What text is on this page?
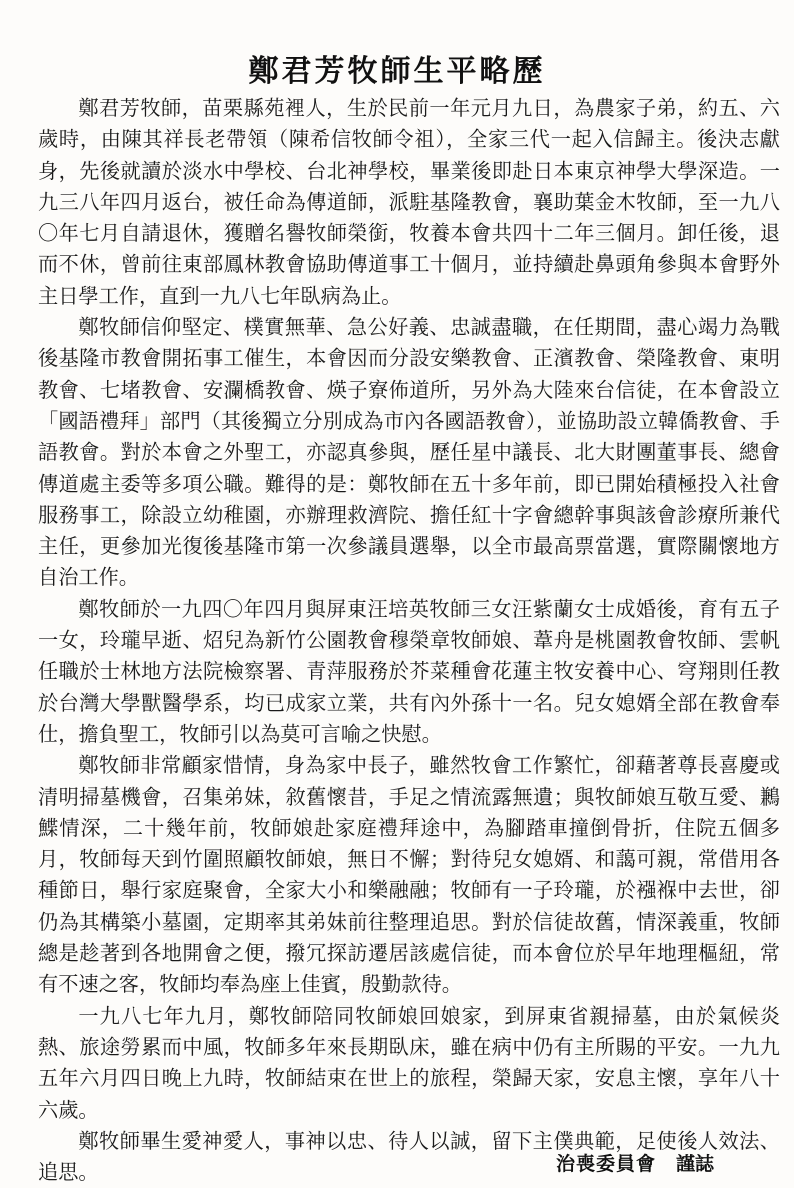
鄭君芳牧師生平略歷

鄭君芳牧師，苗栗縣苑裡人，生於民前一年元月九日，為農家子弟，約五、六歲時，由陳其祥長老帶領（陳希信牧師令祖），全家三代一起入信歸主。後決志獻身，先後就讀於淡水中學校、台北神學校，畢業後即赴日本東京神學大學深造。一九三八年四月返台，被任命為傳道師，派駐基隆教會，襄助葉金木牧師，至一九八〇年七月自請退休，獲贈名譽牧師榮銜，牧養本會共四十二年三個月。卸任後，退而不休，曾前往東部鳳林教會協助傳道事工十個月，並持續赴鼻頭角參與本會野外主日學工作，直到一九八七年臥病為止。

鄭牧師信仰堅定、樸實無華、急公好義、忠誠盡職，在任期間，盡心竭力為戰後基隆市教會開拓事工催生，本會因而分設安樂教會、正濱教會、榮隆教會、東明教會、七堵教會、安瀾橋教會、煐子寮佈道所，另外為大陸來台信徒，在本會設立「國語禮拜」部門（其後獨立分別成為市內各國語教會），並協助設立韓僑教會、手語教會。對於本會之外聖工，亦認真參與，歷任星中議長、北大財團董事長、總會傳道處主委等多項公職。難得的是：鄭牧師在五十多年前，即已開始積極投入社會服務事工，除設立幼稚園，亦辦理救濟院、擔任紅十字會總幹事與該會診療所兼代主任，更參加光復後基隆市第一次參議員選舉，以全市最高票當選，實際關懷地方自治工作。

鄭牧師於一九四〇年四月與屏東汪培英牧師三女汪紫蘭女士成婚後，育有五子一女，玲瓏早逝、炤兒為新竹公園教會穆榮章牧師娘、葦舟是桃園教會牧師、雲帆任職於士林地方法院檢察署、青萍服務於芥菜種會花蓮主牧安養中心、穹翔則任教於台灣大學獸醫學系，均已成家立業，共有內外孫十一名。兒女媳婿全部在教會奉仕，擔負聖工，牧師引以為莫可言喻之快慰。

鄭牧師非常顧家惜情，身為家中長子，雖然牧會工作繁忙，卻藉著尊長喜慶或清明掃墓機會，召集弟妹，敘舊懷昔，手足之情流露無遺；與牧師娘互敬互愛、鶼鰈情深，二十幾年前，牧師娘赴家庭禮拜途中，為腳踏車撞倒骨折，住院五個多月，牧師每天到竹圍照顧牧師娘，無日不懈；對待兒女媳婿、和藹可親，常借用各種節日，舉行家庭聚會，全家大小和樂融融；牧師有一子玲瓏，於襁褓中去世，卻仍為其構築小墓園，定期率其弟妹前往整理追思。對於信徒故舊，情深義重，牧師總是趁著到各地開會之便，撥冗探訪遷居該處信徒，而本會位於早年地理樞紐，常有不速之客，牧師均奉為座上佳賓，殷勤款待。

一九八七年九月，鄭牧師陪同牧師娘回娘家，到屏東省親掃墓，由於氣候炎熱、旅途勞累而中風，牧師多年來長期臥床，雖在病中仍有主所賜的平安。一九九五年六月四日晚上九時，牧師結束在世上的旅程，榮歸天家，安息主懷，享年八十六歲。

鄭牧師畢生愛神愛人，事神以忠、待人以誠，留下主僕典範，足使後人效法、追思。	治喪委員會 謹誌
